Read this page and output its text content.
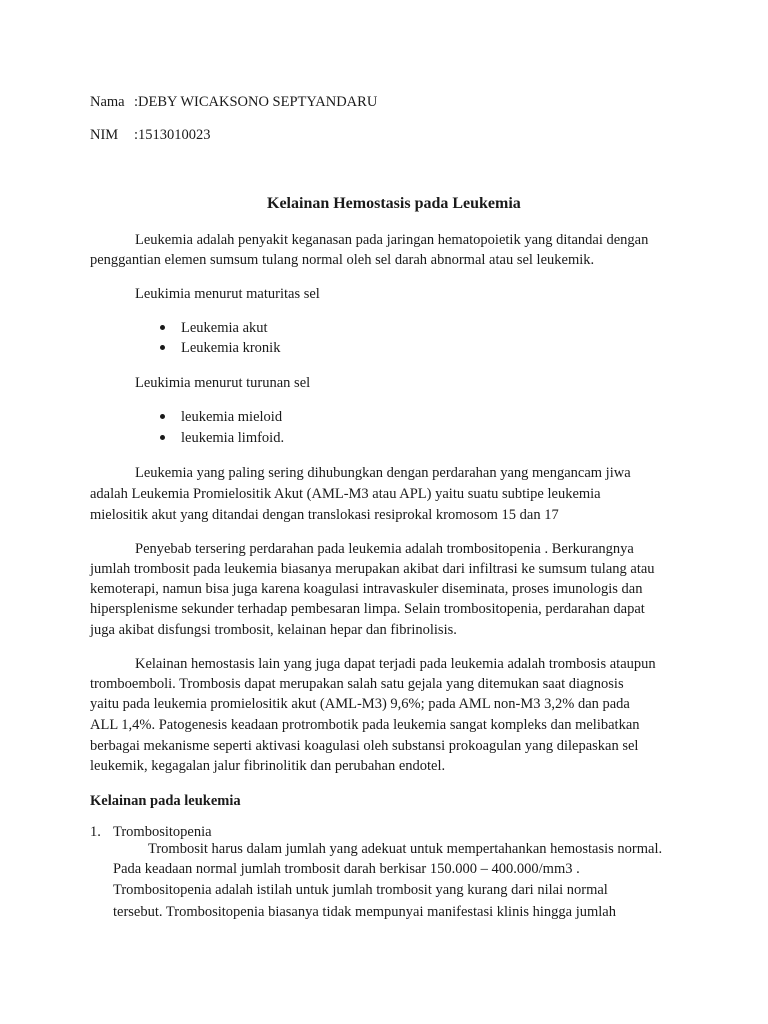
Nama :DEBY WICAKSONO SEPTYANDARU
NIM :1513010023
Kelainan Hemostasis pada Leukemia
Leukemia adalah penyakit keganasan pada jaringan hematopoietik yang ditandai dengan
penggantian elemen sumsum tulang normal oleh sel darah abnormal atau sel leukemik.
Leukimia menurut maturitas sel
Leukemia akut
Leukemia kronik
Leukimia menurut turunan sel
leukemia mieloid
leukemia limfoid.
Leukemia yang paling sering dihubungkan dengan perdarahan yang mengancam jiwa
adalah Leukemia Promielositik Akut (AML-M3 atau APL) yaitu suatu subtipe leukemia
mielositik akut yang ditandai dengan translokasi resiprokal kromosom 15 dan 17
Penyebab tersering perdarahan pada leukemia adalah trombositopenia . Berkurangnya
jumlah trombosit pada leukemia biasanya merupakan akibat dari infiltrasi ke sumsum tulang atau
kemoterapi, namun bisa juga karena koagulasi intravaskuler diseminata, proses imunologis dan
hipersplenisme sekunder terhadap pembesaran limpa. Selain trombositopenia, perdarahan dapat
juga akibat disfungsi trombosit, kelainan hepar dan fibrinolisis.
Kelainan hemostasis lain yang juga dapat terjadi pada leukemia adalah trombosis ataupun
tromboemboli. Trombosis dapat merupakan salah satu gejala yang ditemukan saat diagnosis
yaitu pada leukemia promielositik akut (AML-M3) 9,6%; pada AML non-M3 3,2% dan pada
ALL 1,4%. Patogenesis keadaan protrombotik pada leukemia sangat kompleks dan melibatkan
berbagai mekanisme seperti aktivasi koagulasi oleh substansi prokoagulan yang dilepaskan sel
leukemik, kegagalan jalur fibrinolitik dan perubahan endotel.
Kelainan pada leukemia
1. Trombositopenia
Trombosit harus dalam jumlah yang adekuat untuk mempertahankan hemostasis normal.
Pada keadaan normal jumlah trombosit darah berkisar 150.000 – 400.000/mm3 .
Trombositopenia adalah istilah untuk jumlah trombosit yang kurang dari nilai normal
tersebut. Trombositopenia biasanya tidak mempunyai manifestasi klinis hingga jumlah
